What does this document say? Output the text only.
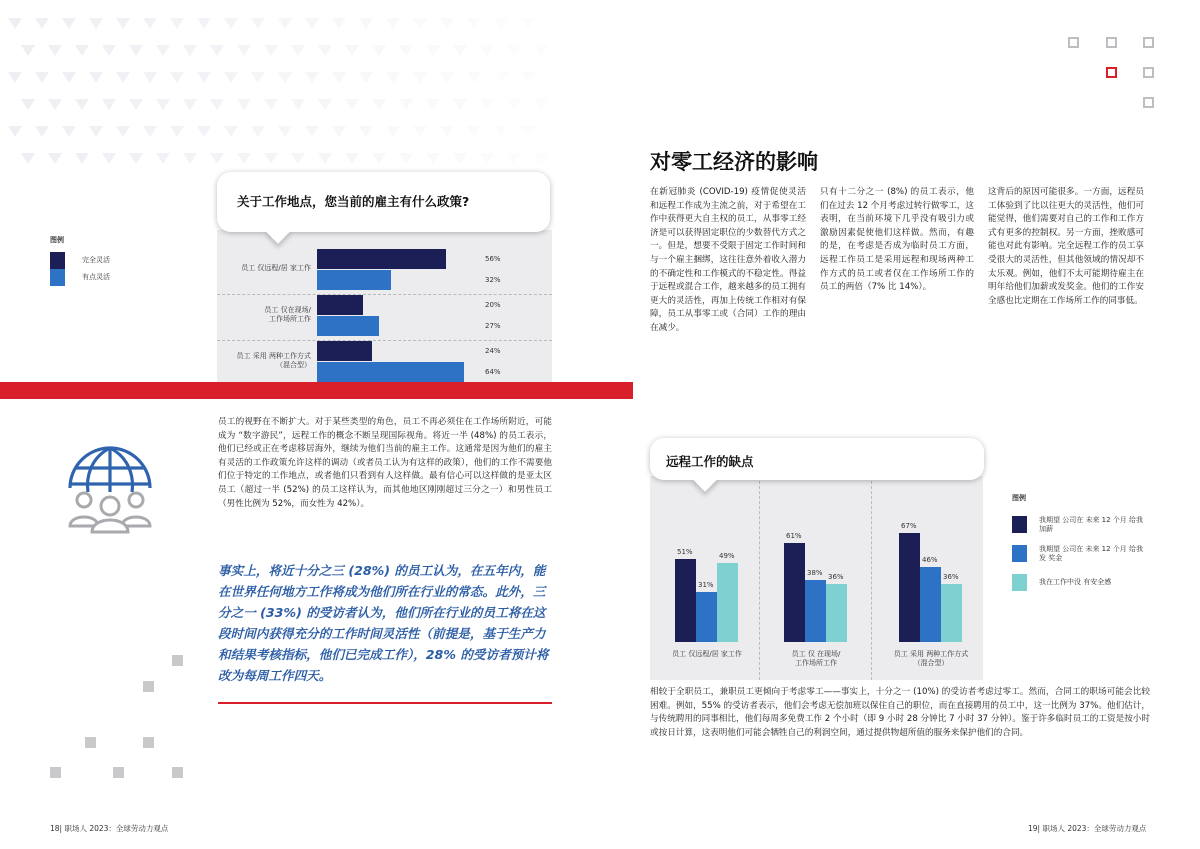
员工 仅远程/居 家工作
56%
32%
员工 仅在现场/
工作场所工作
20%
27%
员工 采用 两种工作方式
（混合型）
24%
64%
关于工作地点，您当前的雇主有什么政策?
图例
完全灵活
有点灵活
员工的视野在不断扩大。对于某些类型的角色，员工不再必须住在工作场所附近，可能成为 “数字游民”，远程工作的概念不断呈现国际视角。将近一半 (48%) 的员工表示，他们已经或正在考虑移居海外，继续为他们当前的雇主工作。这通常是因为他们的雇主有灵活的工作政策允许这样的调动（或者员工认为有这样的政策），他们的工作不需要他们位于特定的工作地点，或者他们只看到有人这样做。最有信心可以这样做的是亚太区员工（超过一半 (52%) 的员工这样认为，而其他地区刚刚超过三分之一）和男性员工（男性比例为 52%，而女性为 42%）。
事实上，将近十分之三 (28%) 的员工认为，在五年内，能在世界任何地方工作将成为他们所在行业的常态。此外，三分之一 (33%) 的受访者认为，他们所在行业的员工将在这段时间内获得充分的工作时间灵活性（前提是，基于生产力和结果考核指标，他们已完成工作），28% 的受访者预计将改为每周工作四天。
对零工经济的影响
在新冠肺炎 (COVID-19) 疫情促使灵活和远程工作成为主流之前，对于希望在工作中获得更大自主权的员工，从事零工经济是可以获得固定职位的少数替代方式之一。但是，想要不受限于固定工作时间和与一个雇主捆绑，这往往意外着收入潜力的不确定性和工作模式的不稳定性。得益于远程或混合工作，越来越多的员工拥有更大的灵活性，再加上传统工作相对有保障，员工从事零工或（合同）工作的理由在减少。
只有十二分之一 (8%) 的员工表示，他们在过去 12 个月考虑过转行做零工，这表明，在当前环境下几乎没有吸引力或激励因素促使他们这样做。然而，有趣的是，在考虑是否成为临时员工方面，远程工作员工是采用远程和现场两种工作方式的员工或者仅在工作场所工作的员工的两倍（7% 比 14%）。
这背后的原因可能很多。一方面，远程员工体验到了比以往更大的灵活性，他们可能觉得，他们需要对自己的工作和工作方式有更多的控制权。另一方面，挫败感可能也对此有影响。完全远程工作的员工享受很大的灵活性，但其他领域的情况却不太乐观。例如，他们不太可能期待雇主在明年给他们加薪或发奖金。他们的工作安全感也比定期在工作场所工作的同事低。
51%
31%
49%
员工 仅远程/居 家工作
61%
38% 36%
员工 仅 在现场/
工作场所工作
67%
46%
36%
员工 采用 两种工作方式
（混合型）
远程工作的缺点
图例
我期望 公司在 未来 12 个月 给我加薪
我期望 公司在 未来 12 个月 给我发 奖金
我在工作中没 有安全感
相较于全职员工，兼职员工更倾向于考虑零工——事实上，十分之一 (10%) 的受访者考虑过零工。然而，合同工的职场可能会比较困难。例如，55% 的受访者表示，他们会考虑无偿加班以保住自己的职位，而在直接聘用的员工中，这一比例为 37%。他们估计，与传统聘用的同事相比，他们每周多免费工作 2 个小时（即 9 小时 28 分钟比 7 小时 37 分钟）。鉴于许多临时员工的工资是按小时或按日计算，这表明他们可能会牺牲自己的利润空间，通过提供物超所值的服务来保护他们的合同。
18| 职场人 2023：全球劳动力观点	19| 职场人 2023：全球劳动力观点
